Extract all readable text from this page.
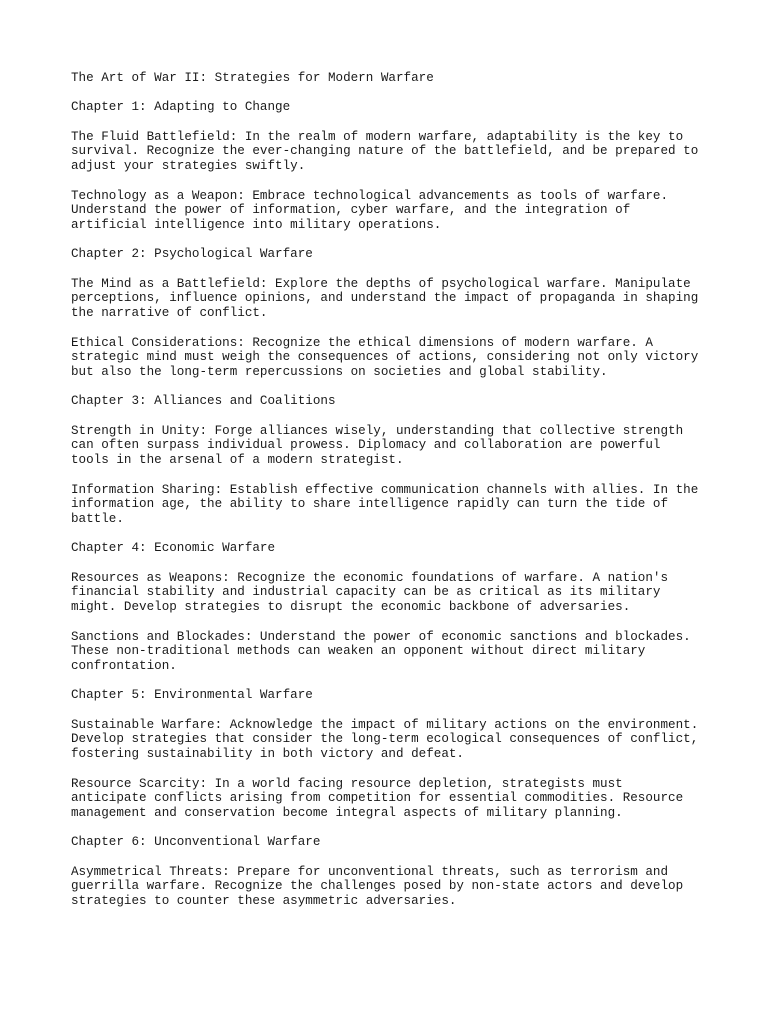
The Art of War II: Strategies for Modern Warfare

Chapter 1: Adapting to Change

The Fluid Battlefield: In the realm of modern warfare, adaptability is the key to
survival. Recognize the ever-changing nature of the battlefield, and be prepared to
adjust your strategies swiftly.

Technology as a Weapon: Embrace technological advancements as tools of warfare.
Understand the power of information, cyber warfare, and the integration of
artificial intelligence into military operations.

Chapter 2: Psychological Warfare

The Mind as a Battlefield: Explore the depths of psychological warfare. Manipulate
perceptions, influence opinions, and understand the impact of propaganda in shaping
the narrative of conflict.

Ethical Considerations: Recognize the ethical dimensions of modern warfare. A
strategic mind must weigh the consequences of actions, considering not only victory
but also the long-term repercussions on societies and global stability.

Chapter 3: Alliances and Coalitions

Strength in Unity: Forge alliances wisely, understanding that collective strength
can often surpass individual prowess. Diplomacy and collaboration are powerful
tools in the arsenal of a modern strategist.

Information Sharing: Establish effective communication channels with allies. In the
information age, the ability to share intelligence rapidly can turn the tide of
battle.

Chapter 4: Economic Warfare

Resources as Weapons: Recognize the economic foundations of warfare. A nation's
financial stability and industrial capacity can be as critical as its military
might. Develop strategies to disrupt the economic backbone of adversaries.

Sanctions and Blockades: Understand the power of economic sanctions and blockades.
These non-traditional methods can weaken an opponent without direct military
confrontation.

Chapter 5: Environmental Warfare

Sustainable Warfare: Acknowledge the impact of military actions on the environment.
Develop strategies that consider the long-term ecological consequences of conflict,
fostering sustainability in both victory and defeat.

Resource Scarcity: In a world facing resource depletion, strategists must
anticipate conflicts arising from competition for essential commodities. Resource
management and conservation become integral aspects of military planning.

Chapter 6: Unconventional Warfare

Asymmetrical Threats: Prepare for unconventional threats, such as terrorism and
guerrilla warfare. Recognize the challenges posed by non-state actors and develop
strategies to counter these asymmetric adversaries.
